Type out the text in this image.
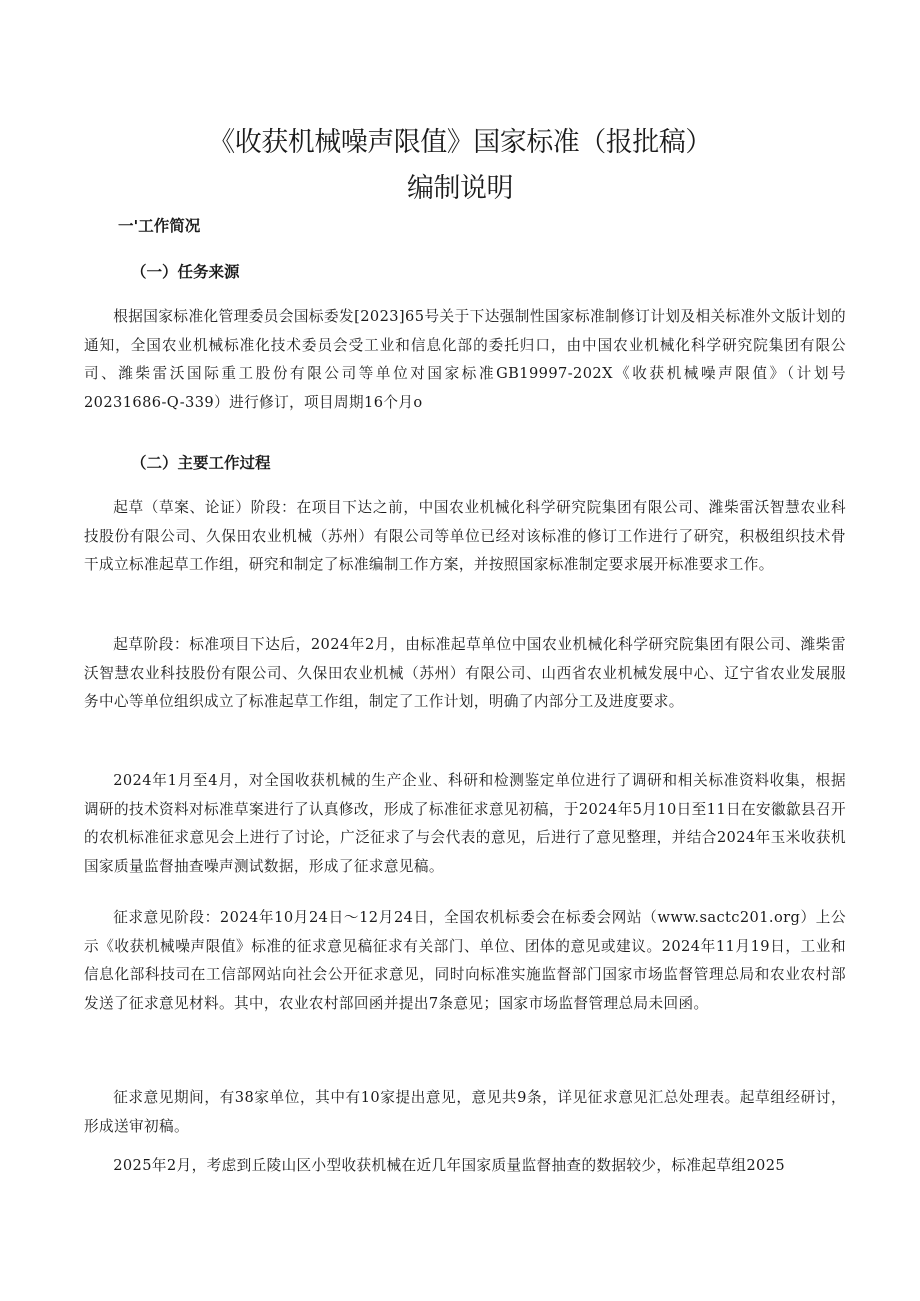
《收获机械噪声限值》国家标准（报批稿）
编制说明
一'工作简况
（一）任务来源

根据国家标准化管理委员会国标委发[2023]65号关于下达强制性国家标准制修订计划及相关标准外文版计划的通知，全国农业机械标准化技术委员会受工业和信息化部的委托归口，由中国农业机械化科学研究院集团有限公司、潍柴雷沃国际重工股份有限公司等单位对国家标准GB19997-202X《收获机械噪声限值》（计划号20231686-Q-339）进行修订，项目周期16个月o

（二）主要工作过程

起草（草案、论证）阶段：在项目下达之前，中国农业机械化科学研究院集团有限公司、潍柴雷沃智慧农业科技股份有限公司、久保田农业机械（苏州）有限公司等单位已经对该标准的修订工作进行了研究，积极组织技术骨干成立标准起草工作组，研究和制定了标准编制工作方案，并按照国家标准制定要求展开标准要求工作。

起草阶段：标准项目下达后，2024年2月，由标准起草单位中国农业机械化科学研究院集团有限公司、潍柴雷沃智慧农业科技股份有限公司、久保田农业机械（苏州）有限公司、山西省农业机械发展中心、辽宁省农业发展服务中心等单位组织成立了标准起草工作组，制定了工作计划，明确了内部分工及进度要求。

2024年1月至4月，对全国收获机械的生产企业、科研和检测鉴定单位进行了调研和相关标准资料收集，根据调研的技术资料对标准草案进行了认真修改，形成了标准征求意见初稿，于2024年5月10日至11日在安徽歙县召开的农机标准征求意见会上进行了讨论，广泛征求了与会代表的意见，后进行了意见整理，并结合2024年玉米收获机国家质量监督抽查噪声测试数据，形成了征求意见稿。

征求意见阶段：2024年10月24日～12月24日，全国农机标委会在标委会网站（www.sactc201.org）上公示《收获机械噪声限值》标准的征求意见稿征求有关部门、单位、团体的意见或建议。2024年11月19日，工业和信息化部科技司在工信部网站向社会公开征求意见，同时向标准实施监督部门国家市场监督管理总局和农业农村部发送了征求意见材料。其中，农业农村部回函并提出7条意见；国家市场监督管理总局未回函。

征求意见期间，有38家单位，其中有10家提出意见，意见共9条，详见征求意见汇总处理表。起草组经研讨，形成送审初稿。

2025年2月，考虑到丘陵山区小型收获机械在近几年国家质量监督抽查的数据较少，标准起草组2025
